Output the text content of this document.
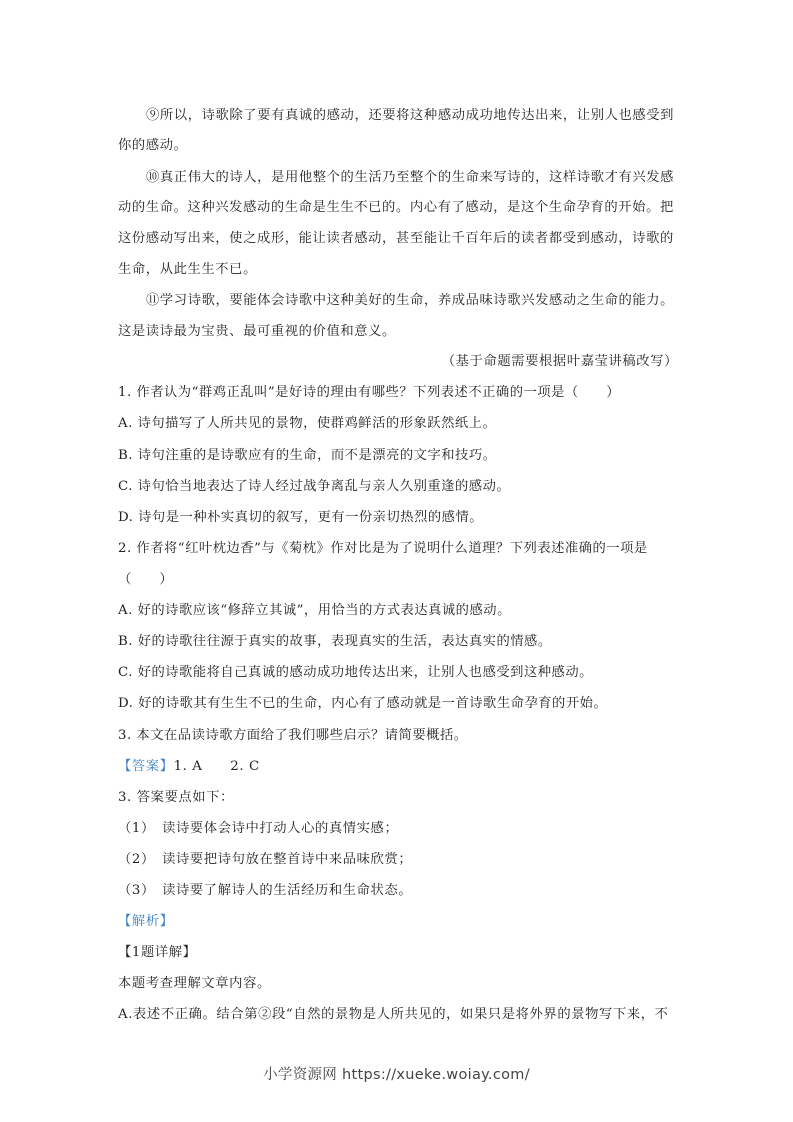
⑨所以，诗歌除了要有真诚的感动，还要将这种感动成功地传达出来，让别人也感受到
你的感动。
⑩真正伟大的诗人，是用他整个的生活乃至整个的生命来写诗的，这样诗歌才有兴发感
动的生命。这种兴发感动的生命是生生不已的。内心有了感动，是这个生命孕育的开始。把
这份感动写出来，使之成形，能让读者感动，甚至能让千百年后的读者都受到感动，诗歌的
生命，从此生生不已。
⑪学习诗歌，要能体会诗歌中这种美好的生命，养成品味诗歌兴发感动之生命的能力。
这是读诗最为宝贵、最可重视的价值和意义。
（基于命题需要根据叶嘉莹讲稿改写）
1. 作者认为“群鸡正乱叫”是好诗的理由有哪些？下列表述不正确的一项是（　　）
A. 诗句描写了人所共见的景物，使群鸡鲜活的形象跃然纸上。
B. 诗句注重的是诗歌应有的生命，而不是漂亮的文字和技巧。
C. 诗句恰当地表达了诗人经过战争离乱与亲人久别重逢的感动。
D. 诗句是一种朴实真切的叙写，更有一份亲切热烈的感情。
2. 作者将“红叶枕边香”与《菊枕》作对比是为了说明什么道理？下列表述准确的一项是
（　　）
A. 好的诗歌应该“修辞立其诚”，用恰当的方式表达真诚的感动。
B. 好的诗歌往往源于真实的故事，表现真实的生活，表达真实的情感。
C. 好的诗歌能将自己真诚的感动成功地传达出来，让别人也感受到这种感动。
D. 好的诗歌其有生生不已的生命，内心有了感动就是一首诗歌生命孕育的开始。
3. 本文在品读诗歌方面给了我们哪些启示？请简要概括。
【答案】1. A　　2. C
3. 答案要点如下：
（1）　读诗要体会诗中打动人心的真情实感；
（2）　读诗要把诗句放在整首诗中来品味欣赏；
（3）　读诗要了解诗人的生活经历和生命状态。
【解析】
【1题详解】
本题考查理解文章内容。
A.表述不正确。结合第②段“自然的景物是人所共见的，如果只是将外界的景物写下来，不
小学资源网 https://xueke.woiay.com/
